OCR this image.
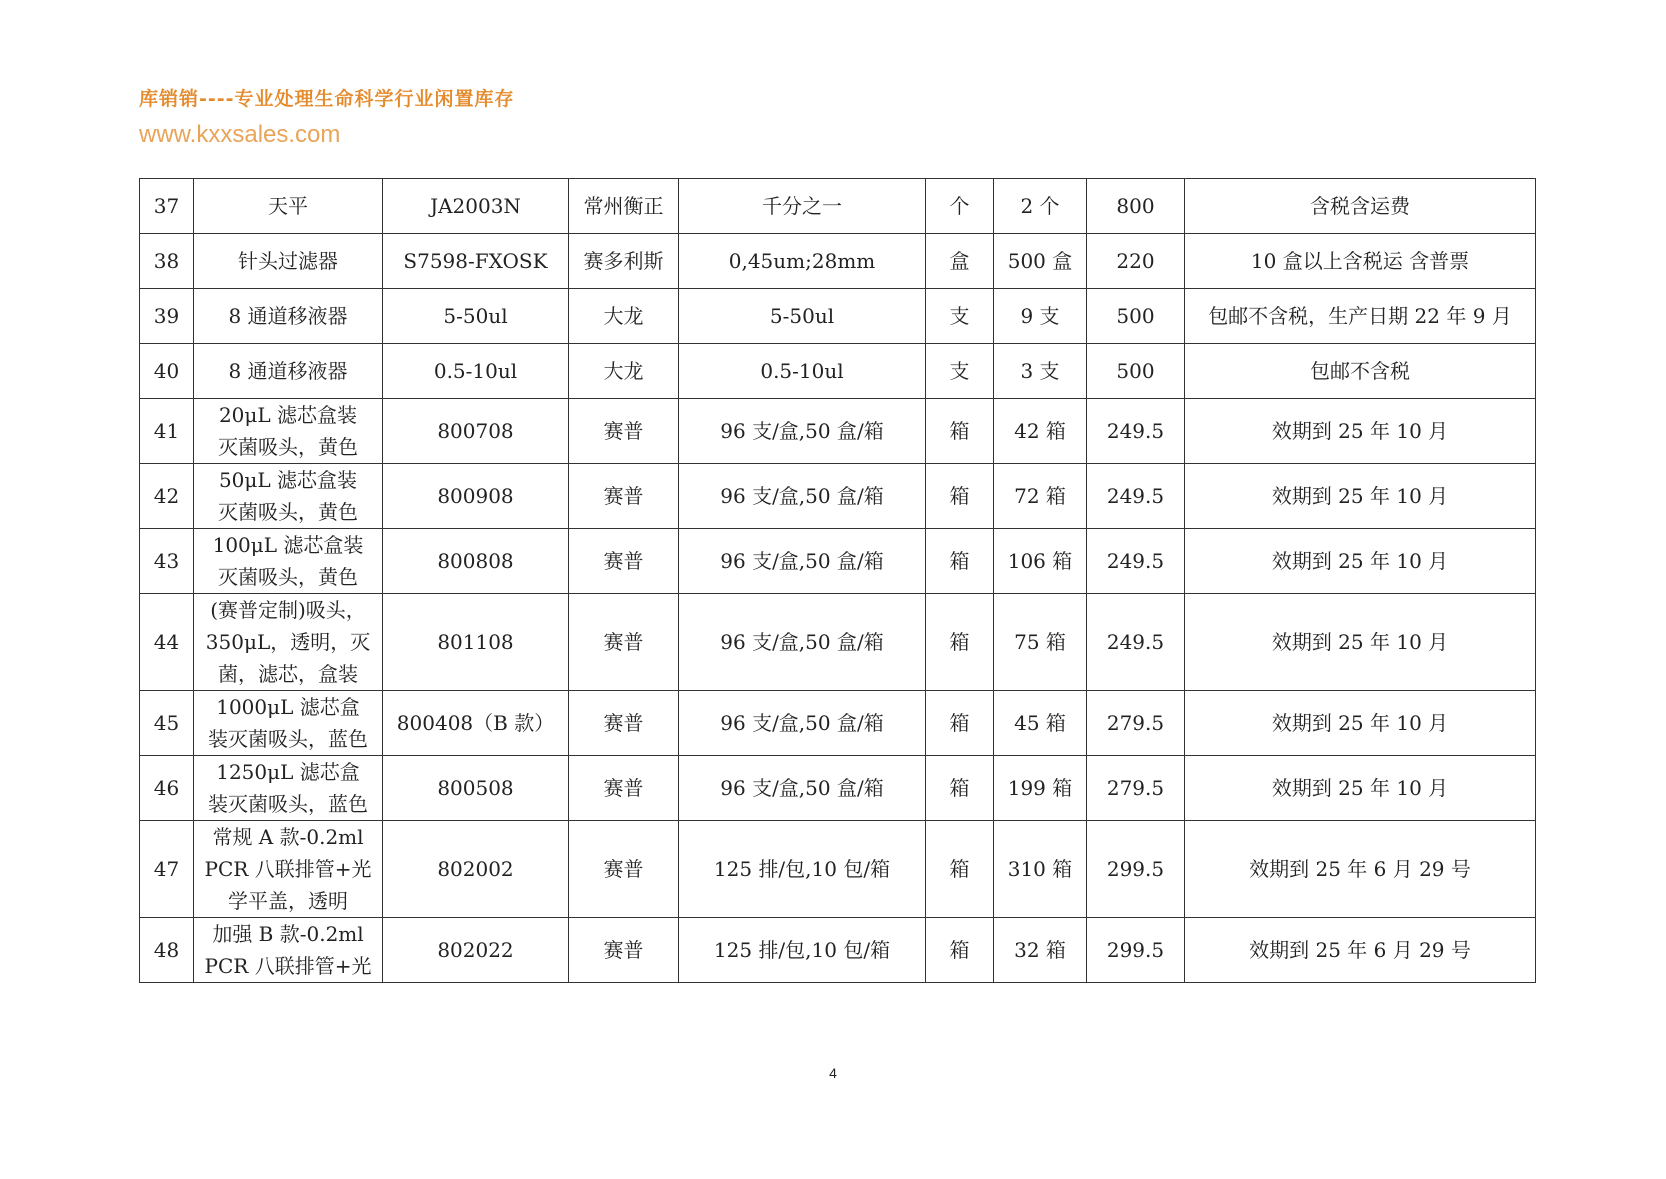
库销销----专业处理生命科学行业闲置库存
www.kxxsales.com
37	天平	JA2003N	常州衡正	千分之一	个	2 个	800	含税含运费
38	针头过滤器	S7598-FXOSK	赛多利斯	0,45um;28mm	盒	500 盒	220	10 盒以上含税运 含普票
39	8 通道移液器	5-50ul	大龙	5-50ul	支	9 支	500	包邮不含税，生产日期 22 年 9 月
40	8 通道移液器	0.5-10ul	大龙	0.5-10ul	支	3 支	500	包邮不含税
41	20μL 滤芯盒装
灭菌吸头，黄色	800708	赛普	96 支/盒,50 盒/箱	箱	42 箱	249.5	效期到 25 年 10 月
42	50μL 滤芯盒装
灭菌吸头，黄色	800908	赛普	96 支/盒,50 盒/箱	箱	72 箱	249.5	效期到 25 年 10 月
43	100μL 滤芯盒装
灭菌吸头，黄色	800808	赛普	96 支/盒,50 盒/箱	箱	106 箱	249.5	效期到 25 年 10 月
44	(赛普定制)吸头，
350μL，透明，灭
菌，滤芯，盒装	801108	赛普	96 支/盒,50 盒/箱	箱	75 箱	249.5	效期到 25 年 10 月
45	1000μL 滤芯盒
装灭菌吸头，蓝色	800408（B 款）	赛普	96 支/盒,50 盒/箱	箱	45 箱	279.5	效期到 25 年 10 月
46	1250μL 滤芯盒
装灭菌吸头，蓝色	800508	赛普	96 支/盒,50 盒/箱	箱	199 箱	279.5	效期到 25 年 10 月
47	常规 A 款-0.2ml
PCR 八联排管+光
学平盖，透明	802002	赛普	125 排/包,10 包/箱	箱	310 箱	299.5	效期到 25 年 6 月 29 号
48	加强 B 款-0.2ml
PCR 八联排管+光	802022	赛普	125 排/包,10 包/箱	箱	32 箱	299.5	效期到 25 年 6 月 29 号
4
